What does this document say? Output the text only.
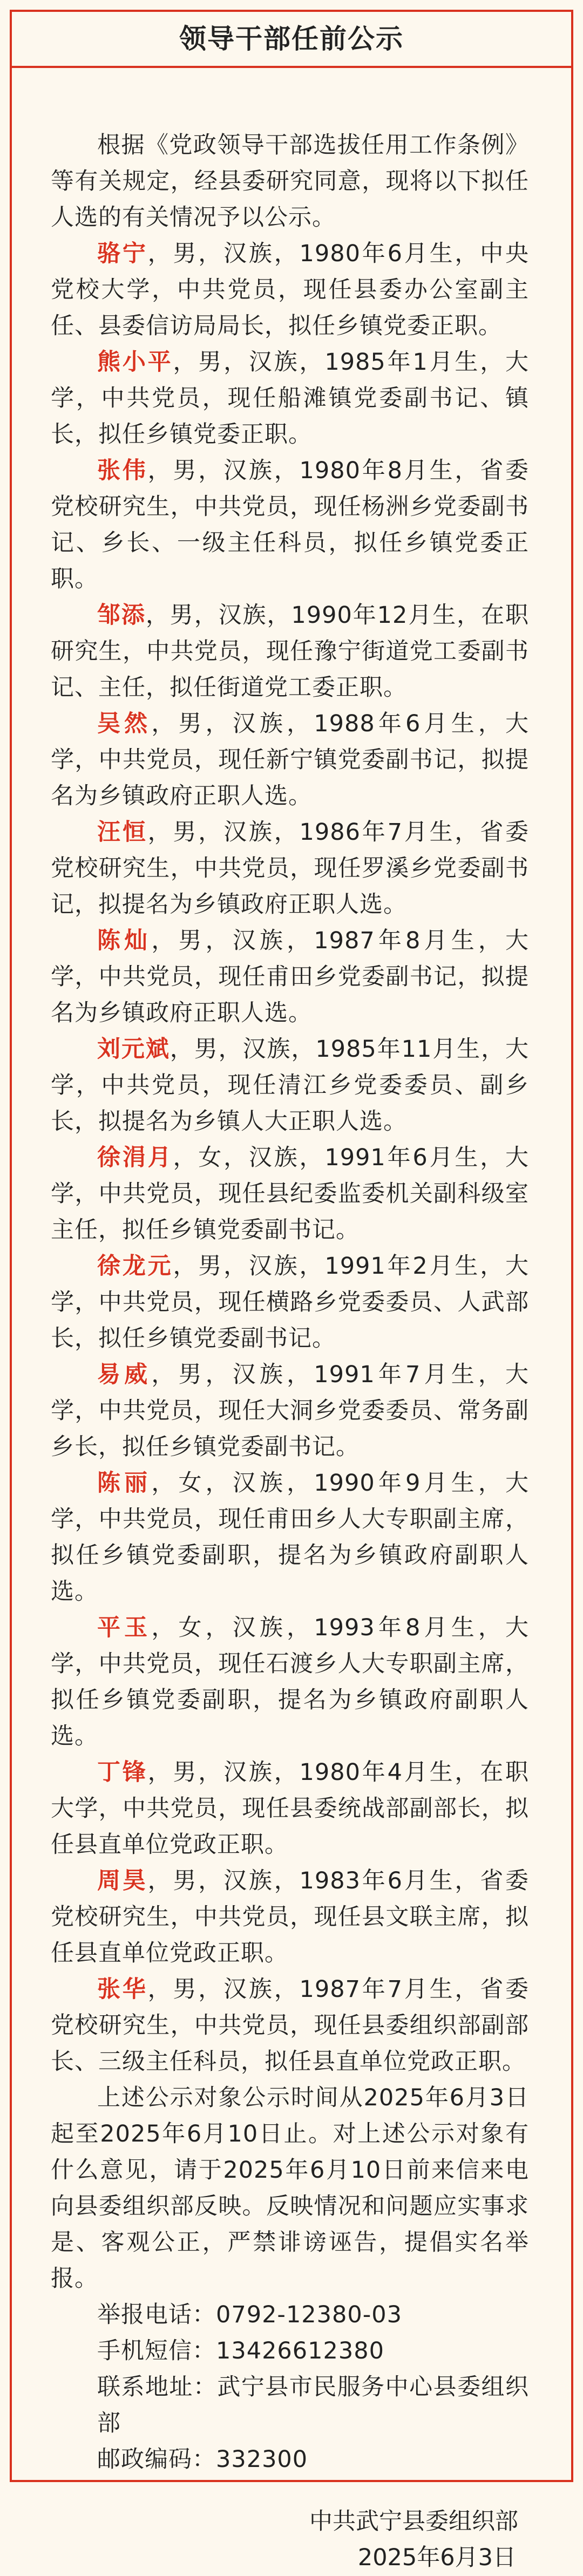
领导干部任前公示

根据《党政领导干部选拔任用工作条例》等有关规定，经县委研究同意，现将以下拟任人选的有关情况予以公示。

骆宁，男，汉族，1980年6月生，中央党校大学，中共党员，现任县委办公室副主任、县委信访局局长，拟任乡镇党委正职。

熊小平，男，汉族，1985年1月生，大学，中共党员，现任船滩镇党委副书记、镇长，拟任乡镇党委正职。

张伟，男，汉族，1980年8月生，省委党校研究生，中共党员，现任杨洲乡党委副书记、乡长、一级主任科员，拟任乡镇党委正职。

邹添，男，汉族，1990年12月生，在职研究生，中共党员，现任豫宁街道党工委副书记、主任，拟任街道党工委正职。

吴然，男，汉族，1988年6月生，大学，中共党员，现任新宁镇党委副书记，拟提名为乡镇政府正职人选。

汪恒，男，汉族，1986年7月生，省委党校研究生，中共党员，现任罗溪乡党委副书记，拟提名为乡镇政府正职人选。

陈灿，男，汉族，1987年8月生，大学，中共党员，现任甫田乡党委副书记，拟提名为乡镇政府正职人选。

刘元斌，男，汉族，1985年11月生，大学，中共党员，现任清江乡党委委员、副乡长，拟提名为乡镇人大正职人选。

徐涓月，女，汉族，1991年6月生，大学，中共党员，现任县纪委监委机关副科级室主任，拟任乡镇党委副书记。

徐龙元，男，汉族，1991年2月生，大学，中共党员，现任横路乡党委委员、人武部长，拟任乡镇党委副书记。

易威，男，汉族，1991年7月生，大学，中共党员，现任大洞乡党委委员、常务副乡长，拟任乡镇党委副书记。

陈丽，女，汉族，1990年9月生，大学，中共党员，现任甫田乡人大专职副主席，拟任乡镇党委副职，提名为乡镇政府副职人选。

平玉，女，汉族，1993年8月生，大学，中共党员，现任石渡乡人大专职副主席，拟任乡镇党委副职，提名为乡镇政府副职人选。

丁锋，男，汉族，1980年4月生，在职大学，中共党员，现任县委统战部副部长，拟任县直单位党政正职。

周昊，男，汉族，1983年6月生，省委党校研究生，中共党员，现任县文联主席，拟任县直单位党政正职。

张华，男，汉族，1987年7月生，省委党校研究生，中共党员，现任县委组织部副部长、三级主任科员，拟任县直单位党政正职。

上述公示对象公示时间从2025年6月3日起至2025年6月10日止。对上述公示对象有什么意见，请于2025年6月10日前来信来电向县委组织部反映。反映情况和问题应实事求是、客观公正，严禁诽谤诬告，提倡实名举报。

举报电话：0792-12380-03
手机短信：13426612380
联系地址：武宁县市民服务中心县委组织部
邮政编码：332300
中共武宁县委组织部
2025年6月3日
